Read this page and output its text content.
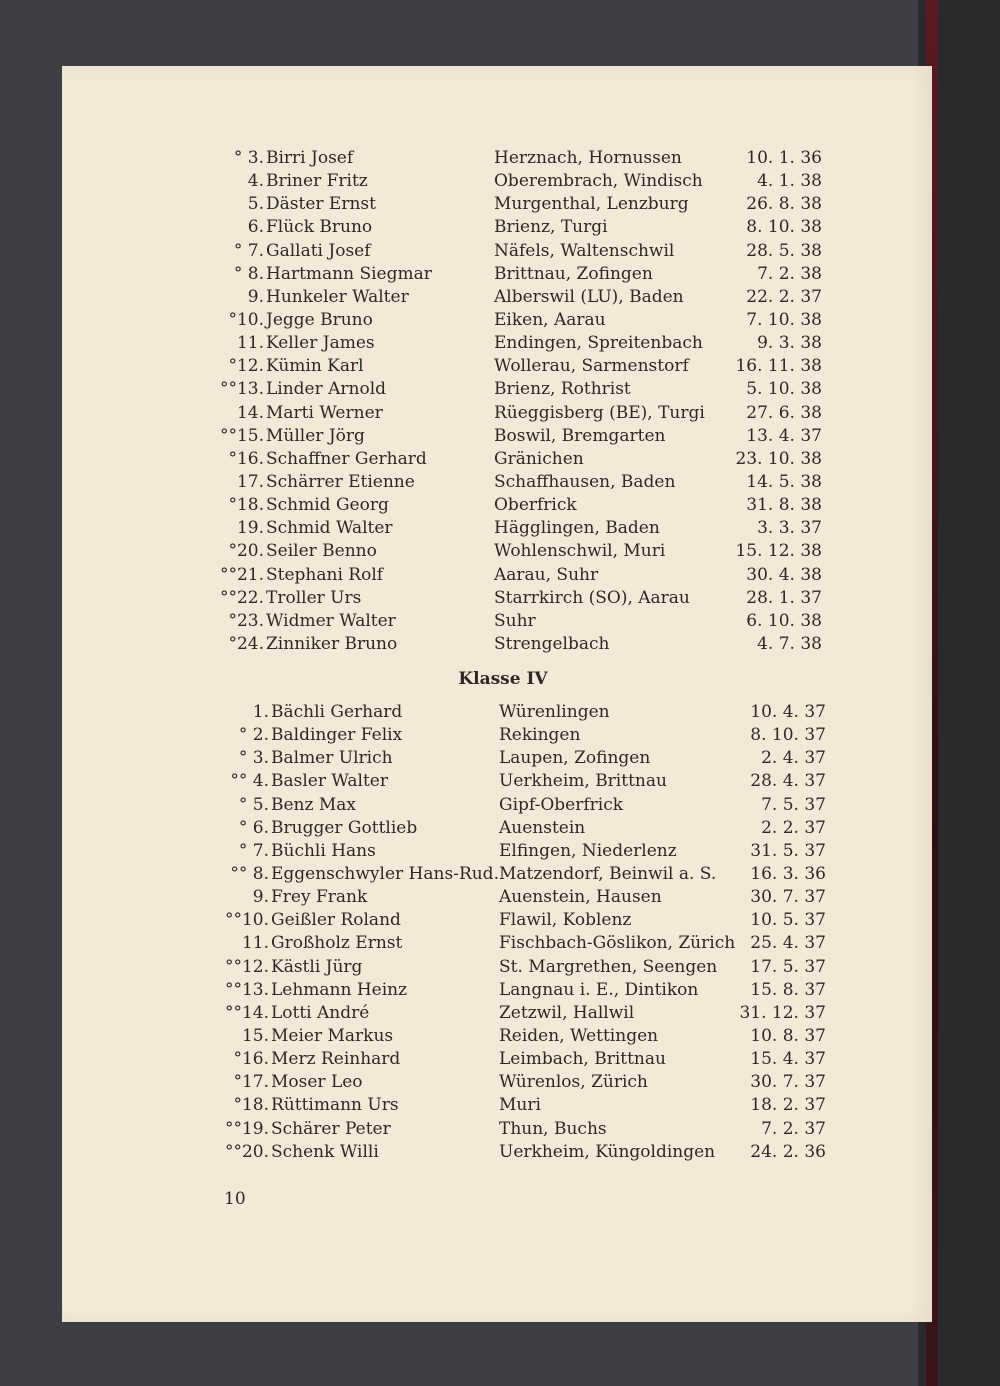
° 3. Birri Josef	Herznach, Hornussen	10. 1. 36
4. Briner Fritz	Oberembrach, Windisch	4. 1. 38
5. Däster Ernst	Murgenthal, Lenzburg	26. 8. 38
6. Flück Bruno	Brienz, Turgi	8. 10. 38
° 7. Gallati Josef	Näfels, Waltenschwil	28. 5. 38
° 8. Hartmann Siegmar	Brittnau, Zofingen	7. 2. 38
9. Hunkeler Walter	Alberswil (LU), Baden	22. 2. 37
°10. Jegge Bruno	Eiken, Aarau	7. 10. 38
11. Keller James	Endingen, Spreitenbach	9. 3. 38
°12. Kümin Karl	Wollerau, Sarmenstorf	16. 11. 38
°°13. Linder Arnold	Brienz, Rothrist	5. 10. 38
14. Marti Werner	Rüeggisberg (BE), Turgi 27. 6. 38
°°15. Müller Jörg	Boswil, Bremgarten	13. 4. 37
°16. Schaffner Gerhard	Gränichen	23. 10. 38
17. Schärrer Etienne	Schaffhausen, Baden	14. 5. 38
°18. Schmid Georg	Oberfrick	31. 8. 38
19. Schmid Walter	Hägglingen, Baden	3. 3. 37
°20. Seiler Benno	Wohlenschwil, Muri	15. 12. 38
°°21. Stephani Rolf	Aarau, Suhr	30. 4. 38
°°22. Troller Urs	Starrkirch (SO), Aarau	28. 1. 37
°23. Widmer Walter	Suhr	6. 10. 38
°24. Zinniker Bruno	Strengelbach	4. 7. 38
Klasse IV
1. Bächli Gerhard	Würenlingen	10. 4. 37
° 2. Baldinger Felix	Rekingen	8. 10. 37
° 3. Balmer Ulrich	Laupen, Zofingen	2. 4. 37
°° 4. Basler Walter	Uerkheim, Brittnau	28. 4. 37
° 5. Benz Max	Gipf-Oberfrick	7. 5. 37
° 6. Brugger Gottlieb	Auenstein	2. 2. 37
° 7. Büchli Hans	Elfingen, Niederlenz	31. 5. 37
°° 8. Eggenschwyler Hans-Rud. Matzendorf, Beinwil a. S. 16. 3. 36
9. Frey Frank	Auenstein, Hausen	30. 7. 37
°°10. Geißler Roland	Flawil, Koblenz	10. 5. 37
11. Großholz Ernst	Fischbach-Göslikon, Zürich 25. 4. 37
°°12. Kästli Jürg	St. Margrethen, Seengen 17. 5. 37
°°13. Lehmann Heinz	Langnau i. E., Dintikon	15. 8. 37
°°14. Lotti André	Zetzwil, Hallwil	31. 12. 37
15. Meier Markus	Reiden, Wettingen	10. 8. 37
°16. Merz Reinhard	Leimbach, Brittnau	15. 4. 37
°17. Moser Leo	Würenlos, Zürich	30. 7. 37
°18. Rüttimann Urs	Muri	18. 2. 37
°°19. Schärer Peter	Thun, Buchs	7. 2. 37
°°20. Schenk Willi	Uerkheim, Küngoldingen 24. 2. 36
10
